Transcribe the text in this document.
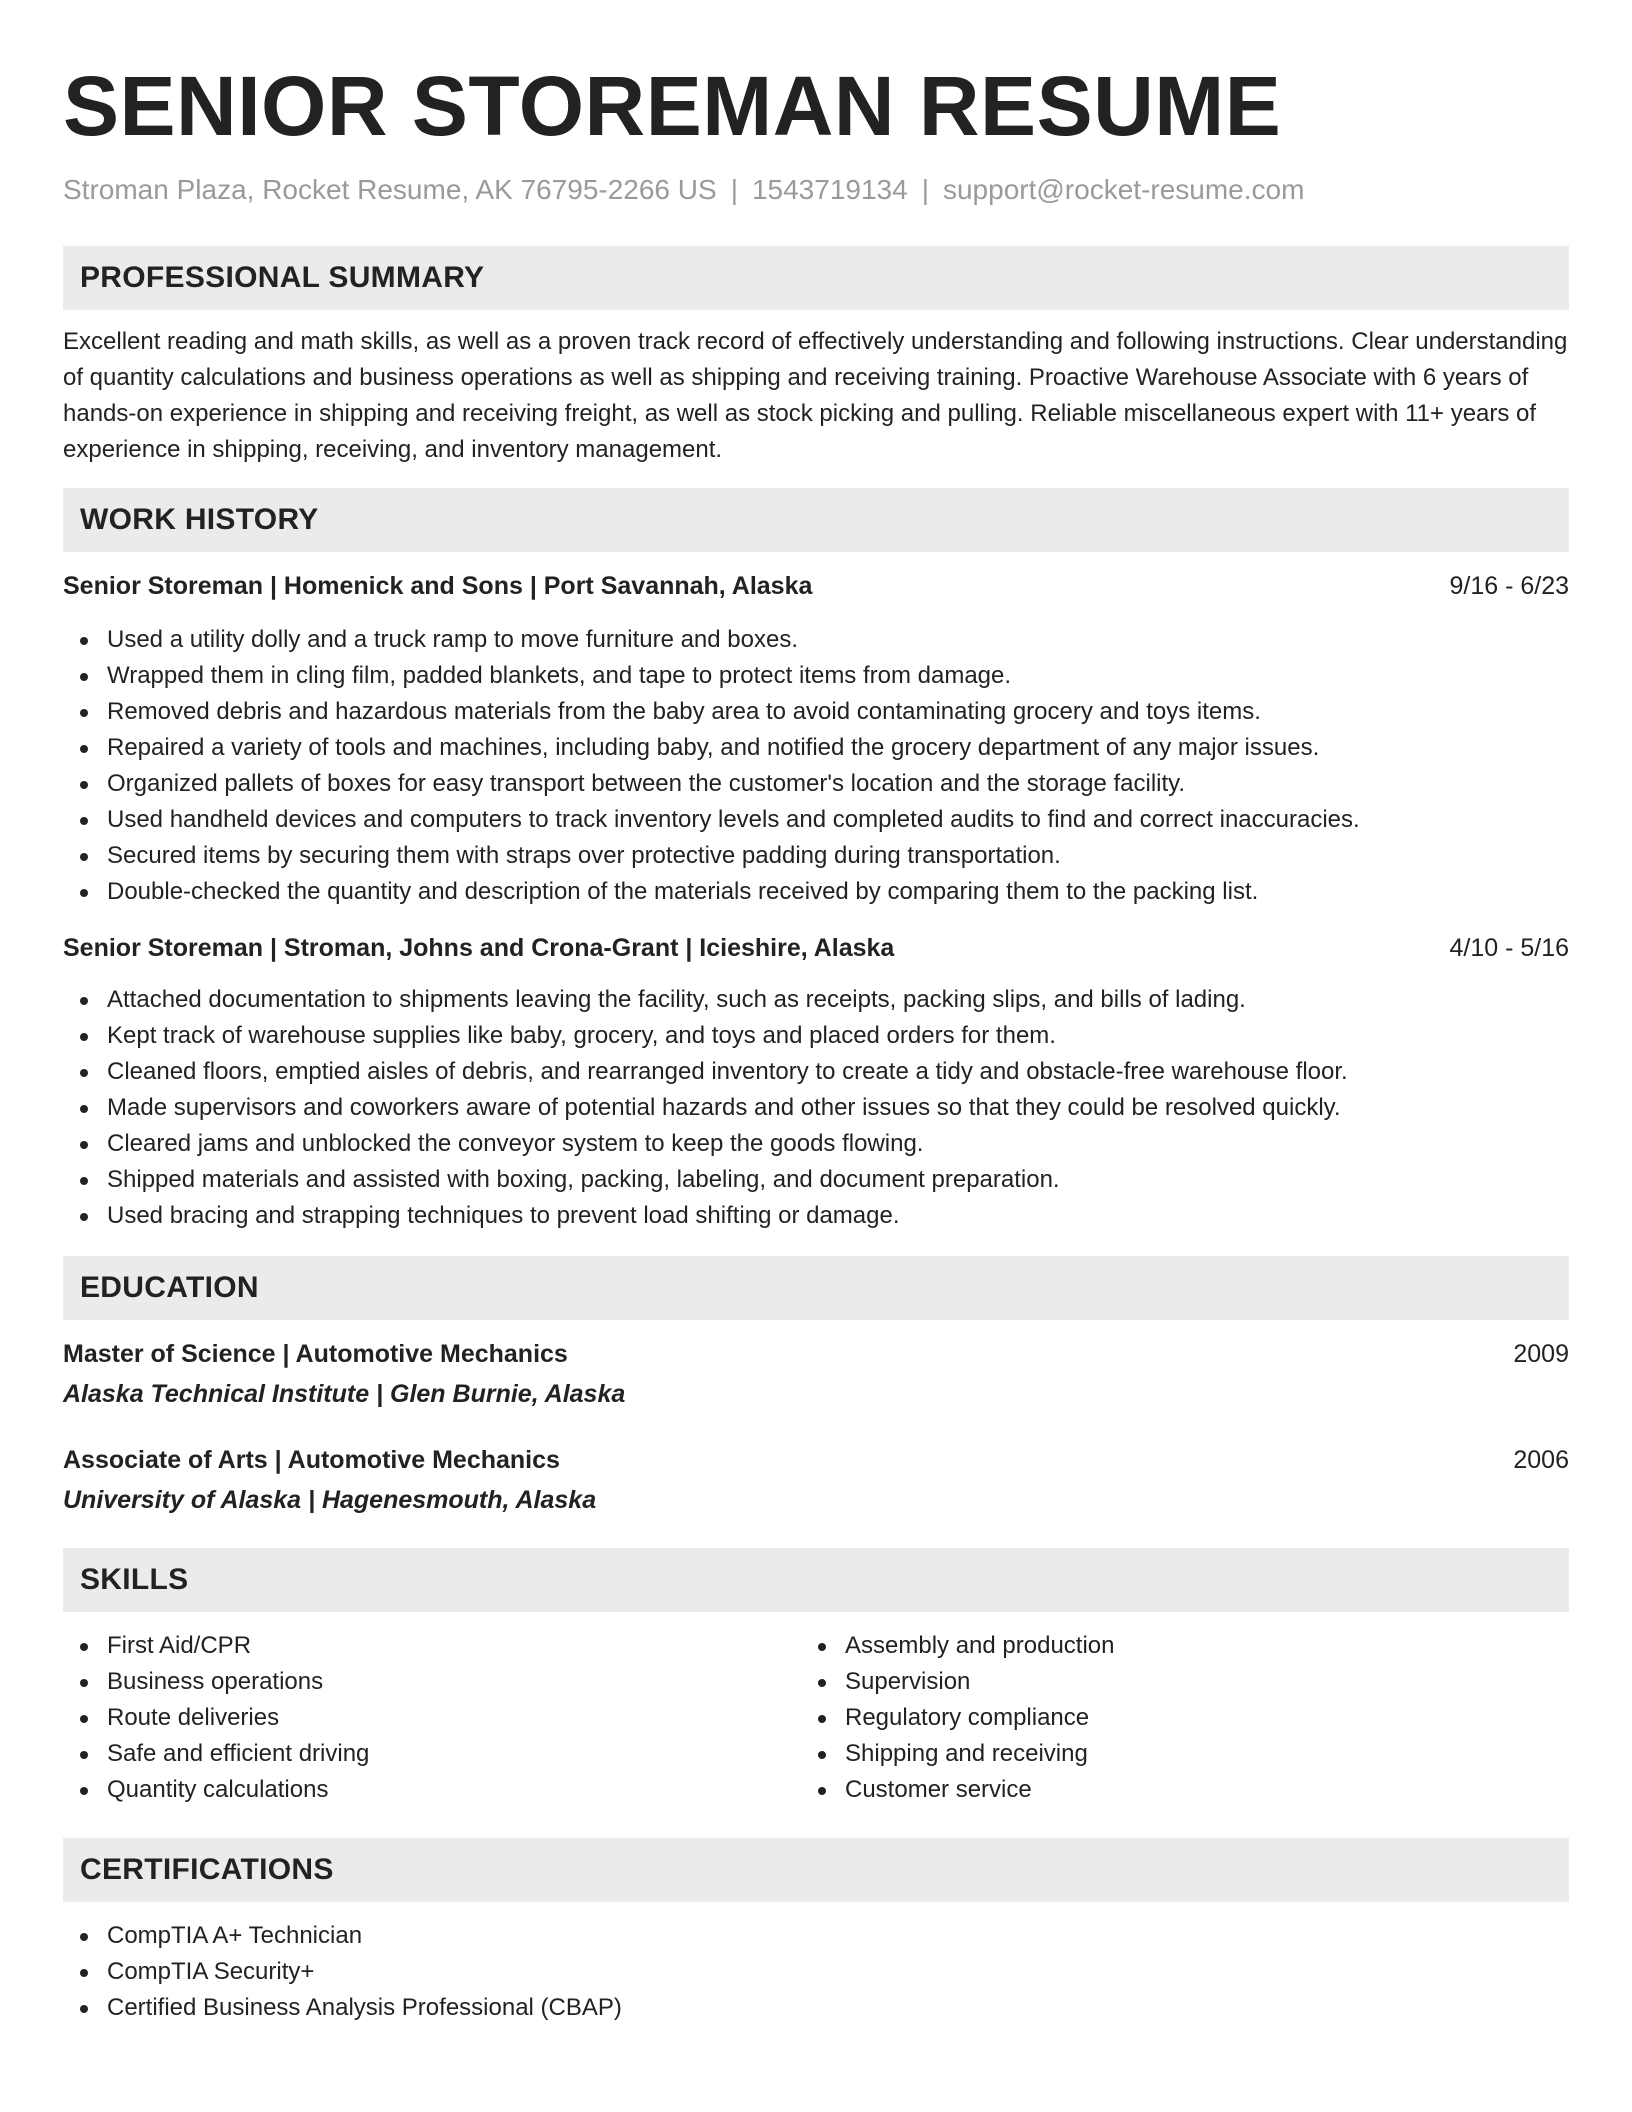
SENIOR STOREMAN RESUME
Stroman Plaza, Rocket Resume, AK 76795-2266 US | 1543719134 | support@rocket-resume.com
PROFESSIONAL SUMMARY

Excellent reading and math skills, as well as a proven track record of effectively understanding and following instructions. Clear understanding of quantity calculations and business operations as well as shipping and receiving training. Proactive Warehouse Associate with 6 years of hands-on experience in shipping and receiving freight, as well as stock picking and pulling. Reliable miscellaneous expert with 11+ years of experience in shipping, receiving, and inventory management.

WORK HISTORY
Senior Storeman | Homenick and Sons | Port Savannah, Alaska	9/16 - 6/23
Used a utility dolly and a truck ramp to move furniture and boxes.
Wrapped them in cling film, padded blankets, and tape to protect items from damage.
Removed debris and hazardous materials from the baby area to avoid contaminating grocery and toys items.
Repaired a variety of tools and machines, including baby, and notified the grocery department of any major issues.
Organized pallets of boxes for easy transport between the customer's location and the storage facility.
Used handheld devices and computers to track inventory levels and completed audits to find and correct inaccuracies.
Secured items by securing them with straps over protective padding during transportation.
Double-checked the quantity and description of the materials received by comparing them to the packing list.
Senior Storeman | Stroman, Johns and Crona-Grant | Icieshire, Alaska	4/10 - 5/16
Attached documentation to shipments leaving the facility, such as receipts, packing slips, and bills of lading.
Kept track of warehouse supplies like baby, grocery, and toys and placed orders for them.
Cleaned floors, emptied aisles of debris, and rearranged inventory to create a tidy and obstacle-free warehouse floor.
Made supervisors and coworkers aware of potential hazards and other issues so that they could be resolved quickly.
Cleared jams and unblocked the conveyor system to keep the goods flowing.
Shipped materials and assisted with boxing, packing, labeling, and document preparation.
Used bracing and strapping techniques to prevent load shifting or damage.
EDUCATION
Master of Science | Automotive Mechanics	2009
Alaska Technical Institute | Glen Burnie, Alaska
Associate of Arts | Automotive Mechanics	2006
University of Alaska | Hagenesmouth, Alaska
SKILLS
First Aid/CPR
Business operations
Route deliveries
Safe and efficient driving
Quantity calculations
Assembly and production
Supervision
Regulatory compliance
Shipping and receiving
Customer service
CERTIFICATIONS
CompTIA A+ Technician
CompTIA Security+
Certified Business Analysis Professional (CBAP)
